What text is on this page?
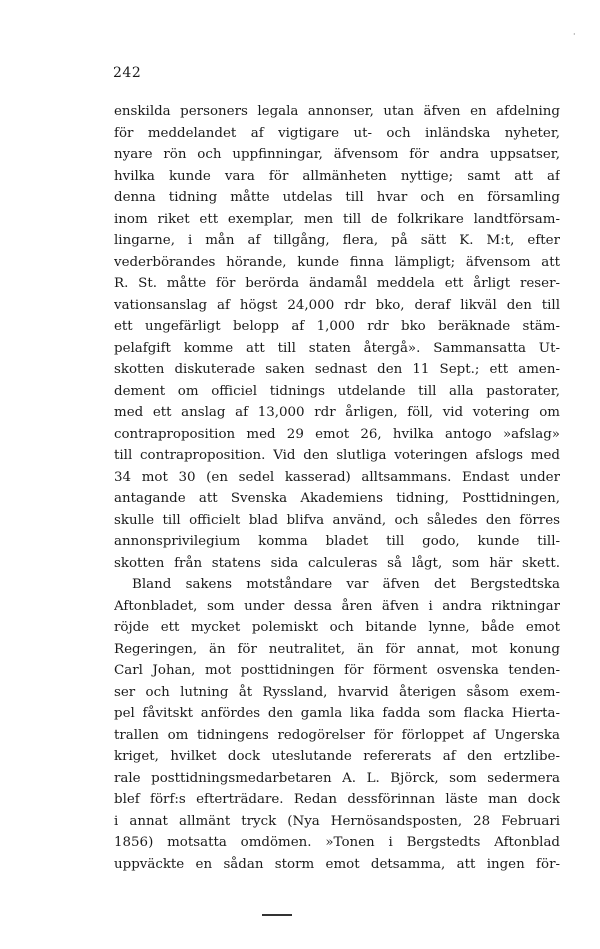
·
242
enskilda personers legala annonser, utan äfven en afdelning
för meddelandet af vigtigare ut- och inländska nyheter,
nyare rön och uppfinningar, äfvensom för andra uppsatser,
hvilka kunde vara för allmänheten nyttige; samt att af
denna tidning måtte utdelas till hvar och en församling
inom riket ett exemplar, men till de folkrikare landtförsam-
lingarne, i mån af tillgång, flera, på sätt K. M:t, efter
vederbörandes hörande, kunde finna lämpligt; äfvensom att
R. St. måtte för berörda ändamål meddela ett årligt reser-
vationsanslag af högst 24,000 rdr bko, deraf likväl den till
ett ungefärligt belopp af 1,000 rdr bko beräknade stäm-
pelafgift komme att till staten återgå». Sammansatta Ut-
skotten diskuterade saken sednast den 11 Sept.; ett amen-
dement om officiel tidnings utdelande till alla pastorater,
med ett anslag af 13,000 rdr årligen, föll, vid votering om
contraproposition med 29 emot 26, hvilka antogo »afslag»
till contraproposition. Vid den slutliga voteringen afslogs med
34 mot 30 (en sedel kasserad) alltsammans. Endast under
antagande att Svenska Akademiens tidning, Posttidningen,
skulle till officielt blad blifva använd, och således den förres
annonsprivilegium komma bladet till godo, kunde till-
skotten från statens sida calculeras så lågt, som här skett.
Bland sakens motståndare var äfven det Bergstedtska
Aftonbladet, som under dessa åren äfven i andra riktningar
röjde ett mycket polemiskt och bitande lynne, både emot
Regeringen, än för neutralitet, än för annat, mot konung
Carl Johan, mot posttidningen för förment osvenska tenden-
ser och lutning åt Ryssland, hvarvid återigen såsom exem-
pel fåvitskt anfördes den gamla lika fadda som flacka Hierta-
trallen om tidningens redogörelser för förloppet af Ungerska
kriget, hvilket dock uteslutande refererats af den ertzlibe-
rale posttidningsmedarbetaren A. L. Björck, som sedermera
blef förf:s efterträdare. Redan dessförinnan läste man dock
i annat allmänt tryck (Nya Hernösandsposten, 28 Februari
1856) motsatta omdömen. »Tonen i Bergstedts Aftonblad
uppväckte en sådan storm emot detsamma, att ingen för-
